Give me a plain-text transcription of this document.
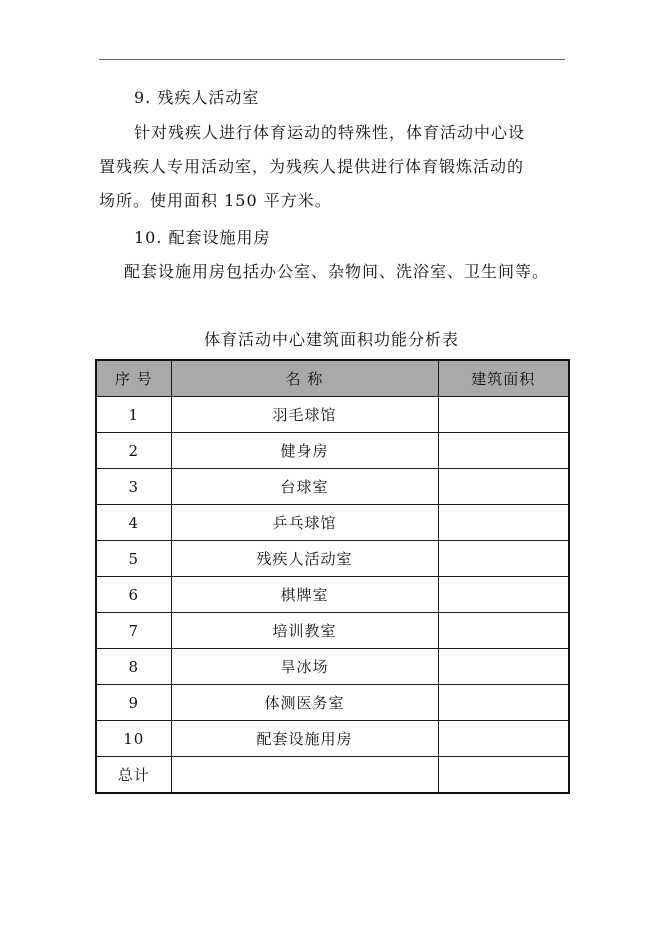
9. 残疾人活动室
针对残疾人进行体育运动的特殊性，体育活动中心设
置残疾人专用活动室，为残疾人提供进行体育锻炼活动的
场所。使用面积 150 平方米。
10. 配套设施用房
配套设施用房包括办公室、杂物间、洗浴室、卫生间等。
体育活动中心建筑面积功能分析表
序 号	名 称	建筑面积
1	羽毛球馆	
2	健身房	
3	台球室	
4	乒乓球馆	
5	残疾人活动室	
6	棋牌室	
7	培训教室	
8	旱冰场	
9	体测医务室	
10	配套设施用房	
总计		
